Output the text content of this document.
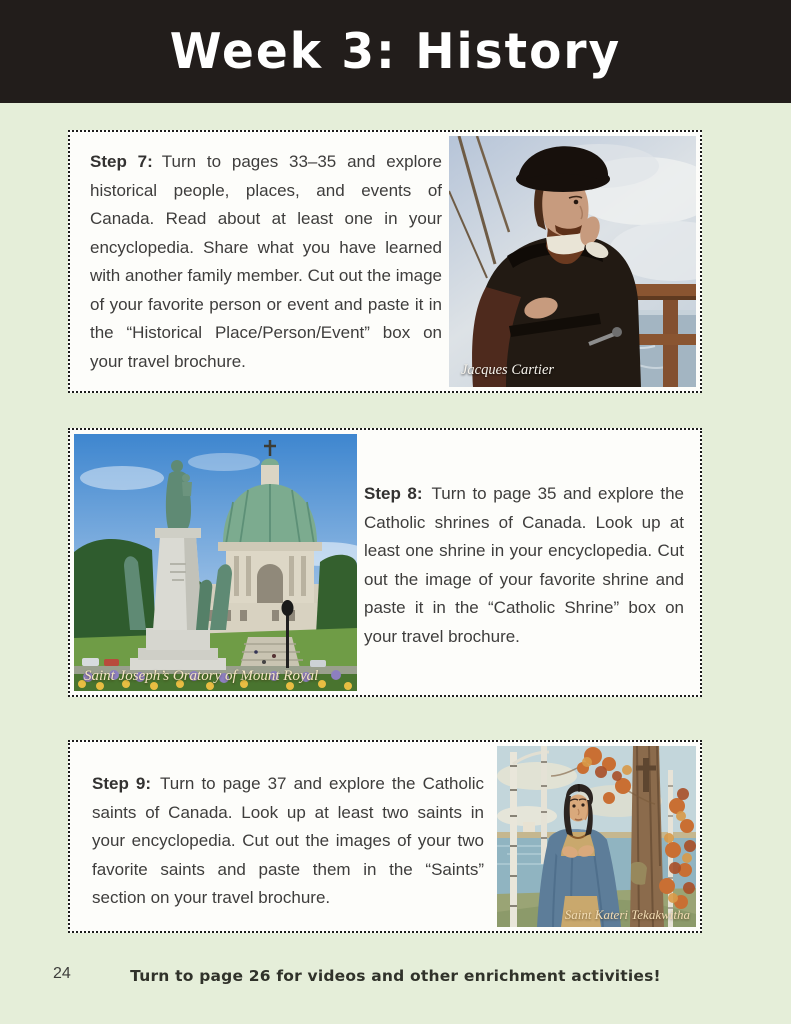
Week 3: History
Step 7: Turn to pages 33–35 and explore historical people, places, and events of Canada. Read about at least one in your encyclopedia. Share what you have learned with another family member. Cut out the image of your favorite person or event and paste it in the “Historical Place/Person/Event” box on your travel brochure.	Jacques Cartier
Saint Joseph’s Oratory of Mount Royal
Step 8: Turn to page 35 and explore the Catholic shrines of Canada. Look up at least one shrine in your encyclopedia. Cut out the image of your favorite shrine and paste it in the “Catholic Shrine” box on your travel brochure.
Step 9: Turn to page 37 and explore the Catholic saints of Canada. Look up at least two saints in your encyclopedia. Cut out the images of your two favorite saints and paste them in the “Saints” section on your travel brochure.
Saint Kateri Tekakwitha
24	Turn to page 26 for videos and other enrichment activities!
